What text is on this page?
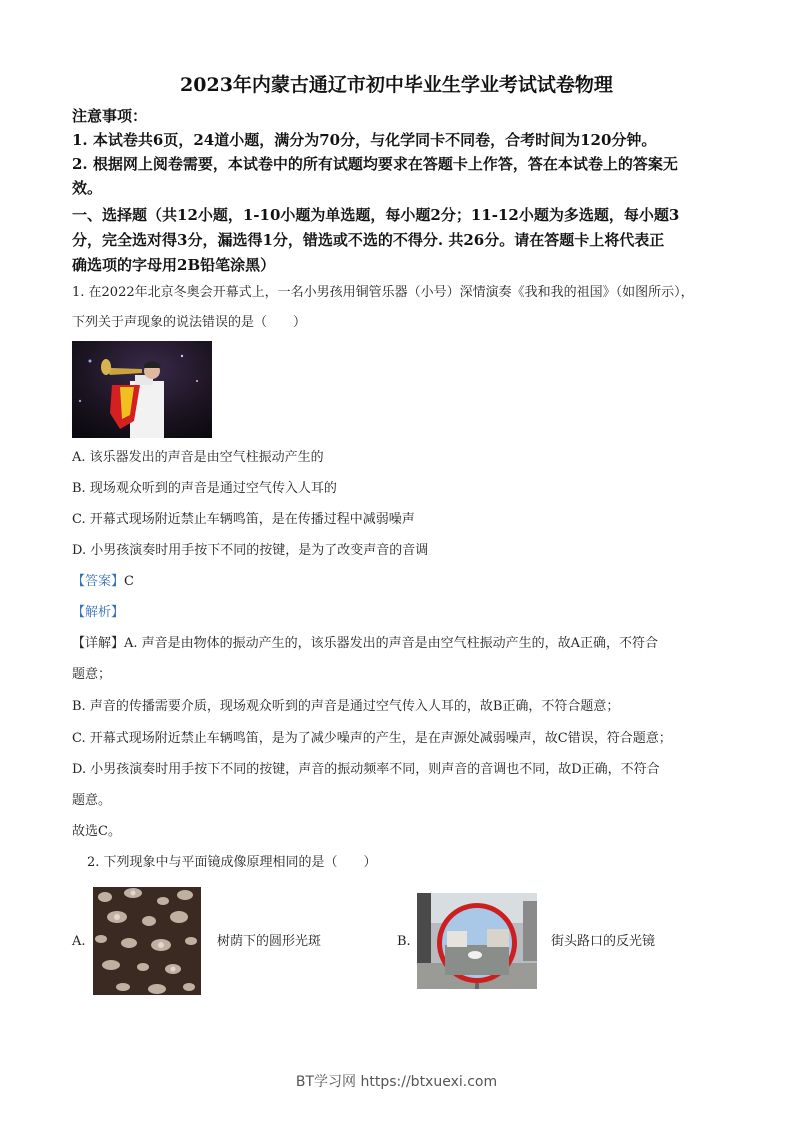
2023年内蒙古通辽市初中毕业生学业考试试卷物理
注意事项：
1. 本试卷共6页，24道小题，满分为70分，与化学同卡不同卷，合考时间为120分钟。
2. 根据网上阅卷需要，本试卷中的所有试题均要求在答题卡上作答，答在本试卷上的答案无
效。
一、选择题（共12小题，1-10小题为单选题，每小题2分；11-12小题为多选题，每小题3
分，完全选对得3分，漏选得1分，错选或不选的不得分. 共26分。请在答题卡上将代表正
确选项的字母用2B铅笔涂黑）
1. 在2022年北京冬奥会开幕式上，一名小男孩用铜管乐器（小号）深情演奏《我和我的祖国》（如图所示），
下列关于声现象的说法错误的是（　　）
A. 该乐器发出的声音是由空气柱振动产生的
B. 现场观众听到的声音是通过空气传入人耳的
C. 开幕式现场附近禁止车辆鸣笛，是在传播过程中减弱噪声
D. 小男孩演奏时用手按下不同的按键，是为了改变声音的音调
【答案】C
【解析】
【详解】A. 声音是由物体的振动产生的，该乐器发出的声音是由空气柱振动产生的，故A正确，不符合
题意；
B. 声音的传播需要介质，现场观众听到的声音是通过空气传入人耳的，故B正确，不符合题意；
C. 开幕式现场附近禁止车辆鸣笛，是为了减少噪声的产生，是在声源处减弱噪声，故C错误，符合题意；
D. 小男孩演奏时用手按下不同的按键，声音的振动频率不同，则声音的音调也不同，故D正确，不符合
题意。
故选C。
2. 下列现象中与平面镜成像原理相同的是（　　）
A.	树荫下的圆形光斑	B.	街头路口的反光镜
BT学习网 https://btxuexi.com
